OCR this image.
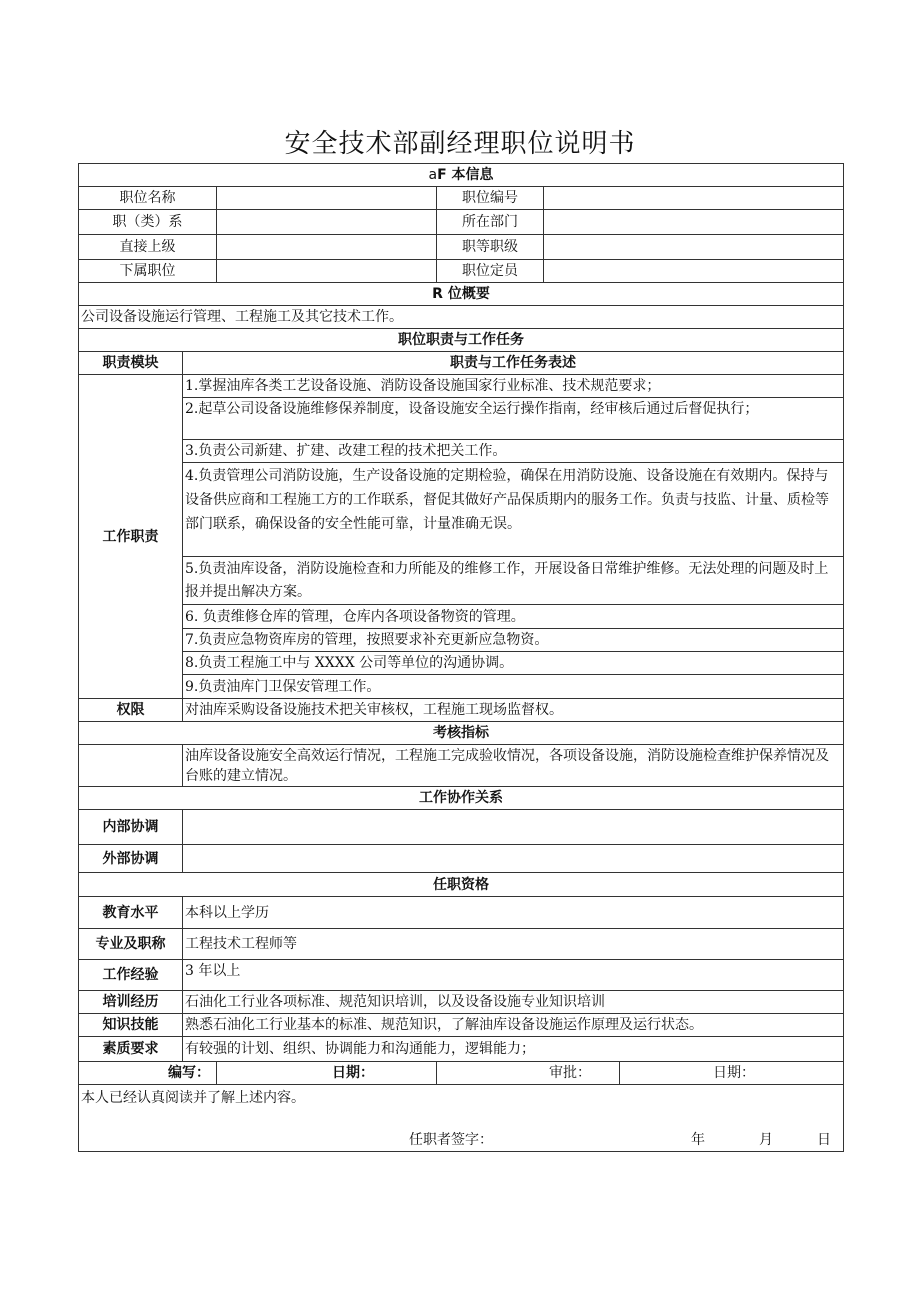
安全技术部副经理职位说明书
aF 本信息					
职位名称			职位编号		
职（类）系			所在部门		
直接上级			职等职级		
下属职位			职位定员		
R 位概要					
公司设备设施运行管理、工程施工及其它技术工作。					
职位职责与工作任务					
职责模块	职责与工作任务表述				
工作职责	1.掌握油库各类工艺设备设施、消防设备设施国家行业标准、技术规范要求；				
	2.起草公司设备设施维修保养制度，设备设施安全运行操作指南，经审核后通过后督促执行；				
	3.负责公司新建、扩建、改建工程的技术把关工作。				
	4.负责管理公司消防设施，生产设备设施的定期检验，确保在用消防设施、设备设施在有效期内。保持与设备供应商和工程施工方的工作联系，督促其做好产品保质期内的服务工作。负责与技监、计量、质检等部门联系，确保设备的安全性能可靠，计量准确无误。				
	5.负责油库设备，消防设施检查和力所能及的维修工作，开展设备日常维护维修。无法处理的问题及时上报并提出解决方案。				
	6. 负责维修仓库的管理，仓库内各项设备物资的管理。				
	7.负责应急物资库房的管理，按照要求补充更新应急物资。				
	8.负责工程施工中与 XXXX 公司等单位的沟通协调。				
	9.负责油库门卫保安管理工作。				
权限	对油库采购设备设施技术把关审核权，工程施工现场监督权。				
考核指标					
	油库设备设施安全高效运行情况，工程施工完成验收情况，各项设备设施，消防设施检查维护保养情况及台账的建立情况。				
工作协作关系					
内部协调					
外部协调					
任职资格					
教育水平	本科以上学历				
专业及职称	工程技术工程师等				
工作经验	3 年以上				
培训经历	石油化工行业各项标准、规范知识培训，以及设备设施专业知识培训				
知识技能	熟悉石油化工行业基本的标准、规范知识，了解油库设备设施运作原理及运行状态。				
素质要求	有较强的计划、组织、协调能力和沟通能力，逻辑能力；				
编写：		日期：	审批：		日期：

本人已经认真阅读并了解上述内容。
任职者签字： 年 月 日					
